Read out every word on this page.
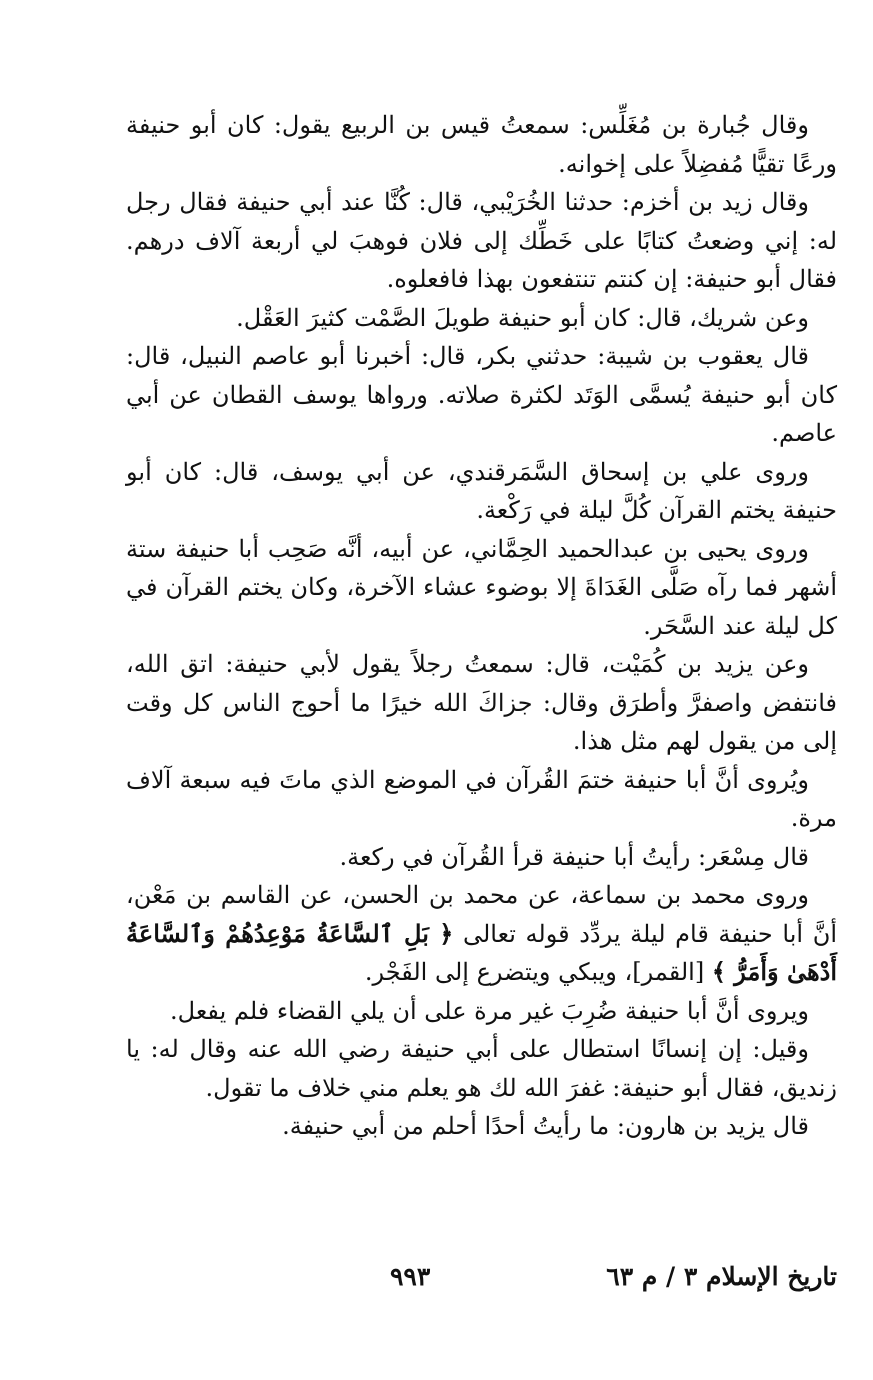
وقال جُبارة بن مُغَلِّس: سمعتُ قيس بن الربيع يقول: كان أبو حنيفة ورعًا تقيًّا مُفضِلاً على إخوانه.

وقال زيد بن أخزم: حدثنا الخُرَيْبي، قال: كُنَّا عند أبي حنيفة فقال رجل له: إني وضعتُ كتابًا على خَطِّك إلى فلان فوهبَ لي أربعة آلاف درهم. فقال أبو حنيفة: إن كنتم تنتفعون بهذا فافعلوه.

وعن شريك، قال: كان أبو حنيفة طويلَ الصَّمْت كثيرَ العَقْل.

قال يعقوب بن شيبة: حدثني بكر، قال: أخبرنا أبو عاصم النبيل، قال: كان أبو حنيفة يُسمَّى الوَتَد لكثرة صلاته. ورواها يوسف القطان عن أبي عاصم.

وروى علي بن إسحاق السَّمَرقندي، عن أبي يوسف، قال: كان أبو حنيفة يختم القرآن كُلَّ ليلة في رَكْعة.

وروى يحيى بن عبدالحميد الحِمَّاني، عن أبيه، أنَّه صَحِب أبا حنيفة ستة أشهر فما رآه صَلَّى الغَدَاةَ إلا بوضوء عشاء الآخرة، وكان يختم القرآن في كل ليلة عند السَّحَر.

وعن يزيد بن كُمَيْت، قال: سمعتُ رجلاً يقول لأبي حنيفة: اتق الله، فانتفض واصفرَّ وأطرَق وقال: جزاكَ الله خيرًا ما أحوج الناس كل وقت إلى من يقول لهم مثل هذا.

ويُروى أنَّ أبا حنيفة ختمَ القُرآن في الموضع الذي ماتَ فيه سبعة آلاف مرة.

قال مِسْعَر: رأيتُ أبا حنيفة قرأ القُرآن في ركعة.

وروى محمد بن سماعة، عن محمد بن الحسن، عن القاسم بن مَعْن، أنَّ أبا حنيفة قام ليلة يردِّد قوله تعالى ﴿ بَلِ ٱلسَّاعَةُ مَوْعِدُهُمْ وَٱلسَّاعَةُ أَدْهَىٰ وَأَمَرُّ ﴾ [القمر]، ويبكي ويتضرع إلى الفَجْر.

ويروى أنَّ أبا حنيفة ضُرِبَ غير مرة على أن يلي القضاء فلم يفعل.

وقيل: إن إنسانًا استطال على أبي حنيفة رضي الله عنه وقال له: يا زنديق، فقال أبو حنيفة: غفرَ الله لك هو يعلم مني خلاف ما تقول.

قال يزيد بن هارون: ما رأيتُ أحدًا أحلم من أبي حنيفة.

تاريخ الإسلام ٣ / م ٦٣
٩٩٣
